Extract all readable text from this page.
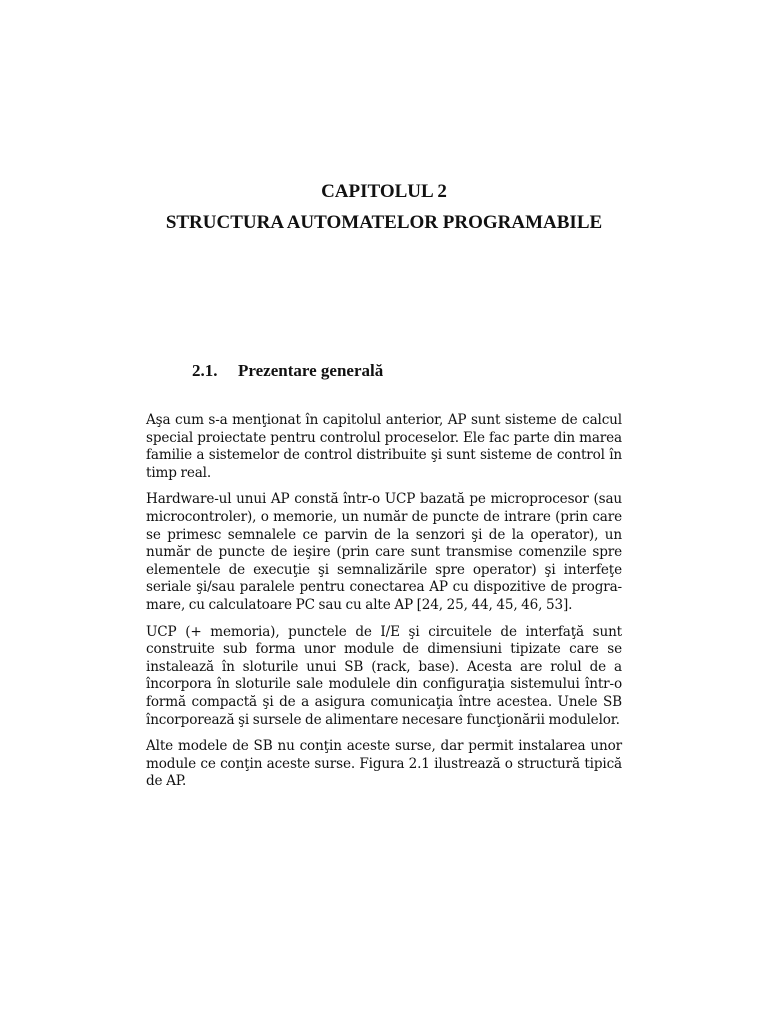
CAPITOLUL 2
STRUCTURA AUTOMATELOR PROGRAMABILE
2.1. Prezentare generală

Aşa cum s-a menţionat în capitolul anterior, AP sunt sisteme de calcul special proiectate pentru controlul proceselor. Ele fac parte din marea familie a sistemelor de control distribuite şi sunt sisteme de control în timp real.

Hardware-ul unui AP constă într-o UCP bazată pe microprocesor (sau microcontroler), o memorie, un număr de puncte de intrare (prin care se primesc semnalele ce parvin de la senzori şi de la operator), un număr de puncte de ieşire (prin care sunt transmise comenzile spre elementele de execuţie şi semnalizările spre operator) şi interfeţe seriale şi/sau paralele pentru conectarea AP cu dispozitive de progra-mare, cu calculatoare PC sau cu alte AP [24, 25, 44, 45, 46, 53].

UCP (+ memoria), punctele de I/E şi circuitele de interfaţă sunt construite sub forma unor module de dimensiuni tipizate care se instalează în sloturile unui SB (rack, base). Acesta are rolul de a încorpora în sloturile sale modulele din configuraţia sistemului într-o formă compactă şi de a asigura comunicaţia între acestea. Unele SB încorporează şi sursele de alimentare necesare funcţionării modulelor.

Alte modele de SB nu conţin aceste surse, dar permit instalarea unor module ce conţin aceste surse. Figura 2.1 ilustrează o structură tipică de AP.
